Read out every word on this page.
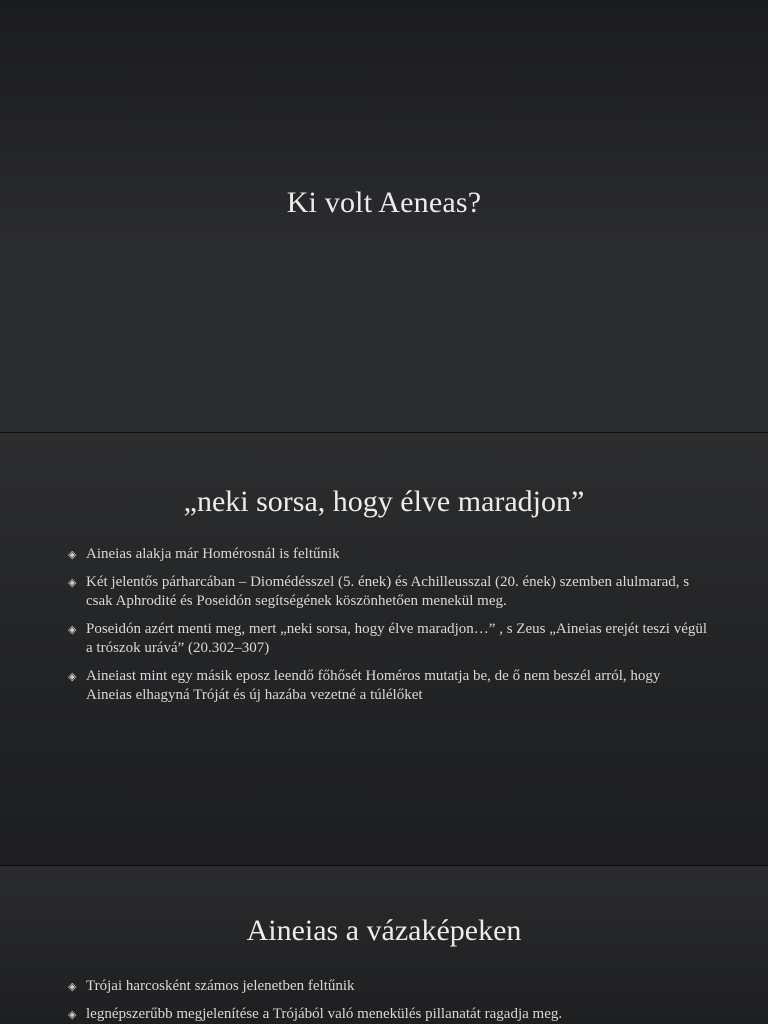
Ki volt Aeneas?
„neki sorsa, hogy élve maradjon”
◈ Aineias alakja már Homérosnál is feltűnik
◈ Két jelentős párharcában – Diomédésszel (5. ének) és Achilleusszal (20. ének) szemben alulmarad, s csak Aphrodité és Poseidón segítségének köszönhetően menekül meg.
◈ Poseidón azért menti meg, mert „neki sorsa, hogy élve maradjon…” , s Zeus „Aineias erejét teszi végül a trószok urává” (20.302–307)
◈ Aineiast mint egy másik eposz leendő főhősét Homéros mutatja be, de ő nem beszél arról, hogy Aineias elhagyná Tróját és új hazába vezetné a túlélőket
Aineias a vázaképeken
◈ Trójai harcosként számos jelenetben feltűnik
◈ legnépszerűbb megjelenítése a Trójából való menekülés pillanatát ragadja meg.
